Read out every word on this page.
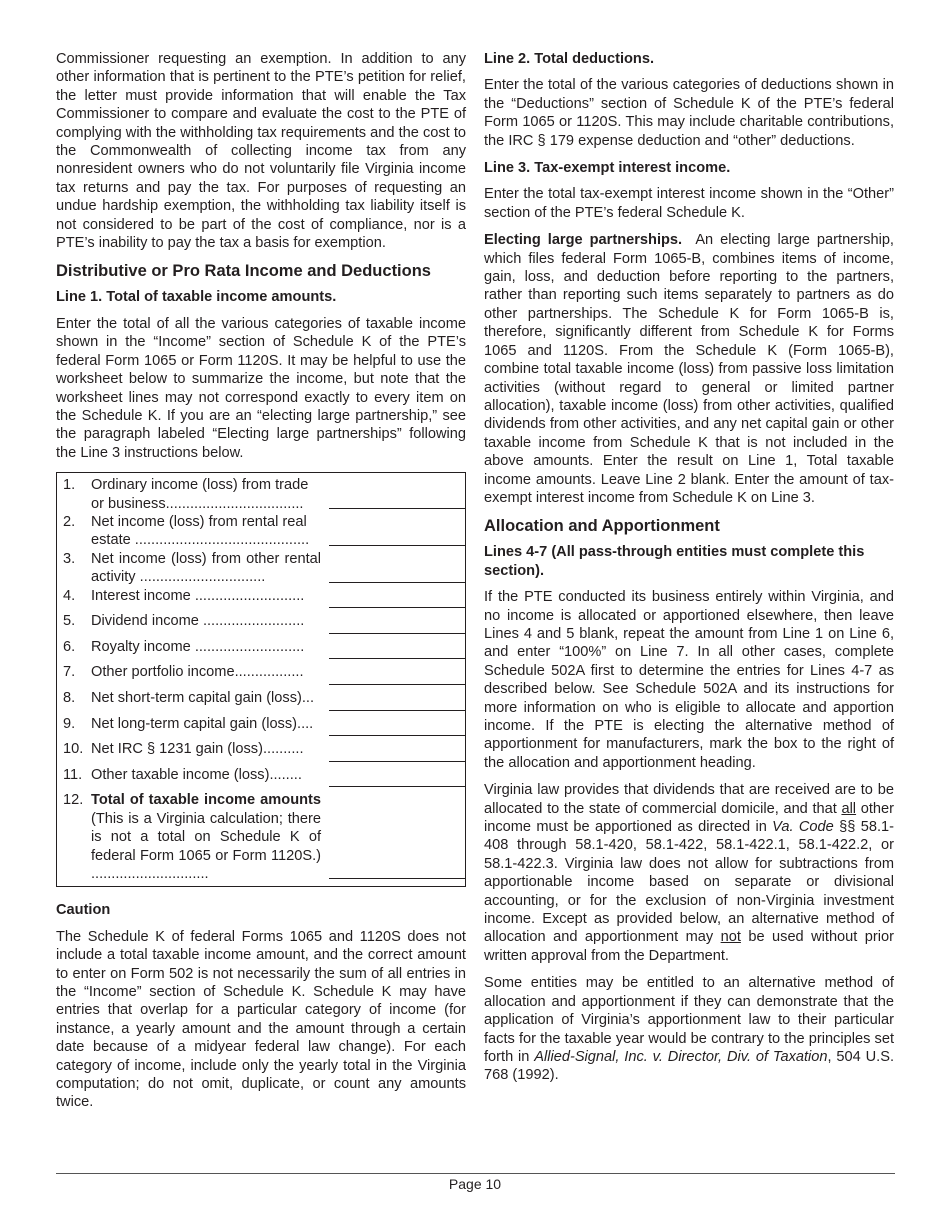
Commissioner requesting an exemption. In addition to any other information that is pertinent to the PTE’s petition for relief, the letter must provide information that will enable the Tax Commissioner to compare and evaluate the cost to the PTE of complying with the withholding tax requirements and the cost to the Commonwealth of collecting income tax from any nonresident owners who do not voluntarily file Virginia income tax returns and pay the tax. For purposes of requesting an undue hardship exemption, the withholding tax liability itself is not considered to be part of the cost of compliance, nor is a PTE’s inability to pay the tax a basis for exemption.

Distributive or Pro Rata Income and Deductions
Line 1. Total of taxable income amounts.

Enter the total of all the various categories of taxable income shown in the “Income” section of Schedule K of the PTE’s federal Form 1065 or Form 1120S. It may be helpful to use the worksheet below to summarize the income, but note that the worksheet lines may not correspond exactly to every item on the Schedule K. If you are an “electing large partnership,” see the paragraph labeled “Electing large partnerships” following the Line 3 instructions below.

1.	Ordinary income (loss) from trade or business..................................
2.	Net income (loss) from rental real estate ...........................................
3.	Net income (loss) from other rental activity ...............................
4.	Interest income ...........................
5.	Dividend income .........................
6.	Royalty income ...........................
7.	Other portfolio income.................
8.	Net short-term capital gain (loss)...
9.	Net long-term capital gain (loss)....
10. Net IRC § 1231 gain (loss)..........
11. Other taxable income (loss)........
12. Total of taxable income amounts (This is a Virginia calculation; there is not a total on Schedule K of federal Form 1065 or Form 1120S.) .............................
Caution

The Schedule K of federal Forms 1065 and 1120S does not include a total taxable income amount, and the correct amount to enter on Form 502 is not necessarily the sum of all entries in the “Income” section of Schedule K. Schedule K may have entries that overlap for a particular category of income (for instance, a yearly amount and the amount through a certain date because of a midyear federal law change). For each category of income, include only the yearly total in the Virginia computation; do not omit, duplicate, or count any amounts twice.

Line 2. Total deductions.

Enter the total of the various categories of deductions shown in the “Deductions” section of Schedule K of the PTE’s federal Form 1065 or 1120S. This may include charitable contributions, the IRC § 179 expense deduction and “other” deductions.

Line 3. Tax-exempt interest income.

Enter the total tax-exempt interest income shown in the “Other” section of the PTE’s federal Schedule K.

Electing large partnerships. An electing large partnership, which files federal Form 1065-B, combines items of income, gain, loss, and deduction before reporting to the partners, rather than reporting such items separately to partners as do other partnerships. The Schedule K for Form 1065-B is, therefore, significantly different from Schedule K for Forms 1065 and 1120S. From the Schedule K (Form 1065-B), combine total taxable income (loss) from passive loss limitation activities (without regard to general or limited partner allocation), taxable income (loss) from other activities, qualified dividends from other activities, and any net capital gain or other taxable income from Schedule K that is not included in the above amounts. Enter the result on Line 1, Total taxable income amounts. Leave Line 2 blank. Enter the amount of tax-exempt interest income from Schedule K on Line 3.

Allocation and Apportionment
Lines 4-7 (All pass-through entities must complete this section).

If the PTE conducted its business entirely within Virginia, and no income is allocated or apportioned elsewhere, then leave Lines 4 and 5 blank, repeat the amount from Line 1 on Line 6, and enter “100%” on Line 7. In all other cases, complete Schedule 502A first to determine the entries for Lines 4-7 as described below. See Schedule 502A and its instructions for more information on who is eligible to allocate and apportion income. If the PTE is electing the alternative method of apportionment for manufacturers, mark the box to the right of the allocation and apportionment heading.

Virginia law provides that dividends that are received are to be allocated to the state of commercial domicile, and that all other income must be apportioned as directed in Va. Code §§ 58.1-408 through 58.1-420, 58.1-422, 58.1-422.1, 58.1-422.2, or 58.1-422.3. Virginia law does not allow for subtractions from apportionable income based on separate or divisional accounting, or for the exclusion of non-Virginia investment income. Except as provided below, an alternative method of allocation and apportionment may not be used without prior written approval from the Department.

Some entities may be entitled to an alternative method of allocation and apportionment if they can demonstrate that the application of Virginia’s apportionment law to their particular facts for the taxable year would be contrary to the principles set forth in Allied-Signal, Inc. v. Director, Div. of Taxation, 504 U.S. 768 (1992).

Page 10
